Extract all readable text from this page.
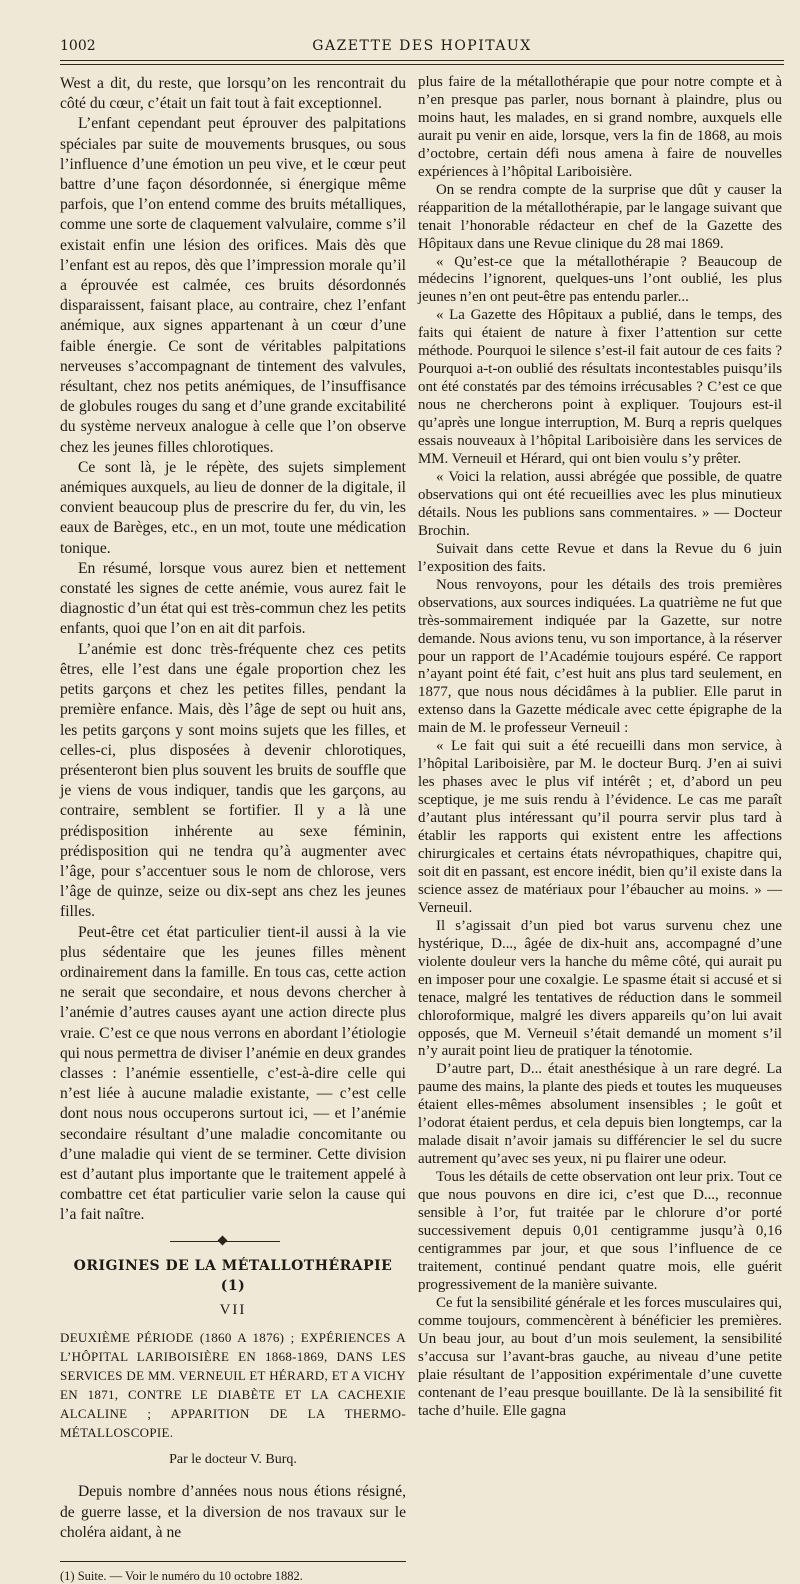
1002	GAZETTE DES HOPITAUX

West a dit, du reste, que lorsqu’on les rencontrait du côté du cœur, c’était un fait tout à fait exceptionnel.

L’enfant cependant peut éprouver des palpitations spéciales par suite de mouvements brusques, ou sous l’influence d’une émotion un peu vive, et le cœur peut battre d’une façon désordonnée, si énergique même parfois, que l’on entend comme des bruits métalliques, comme une sorte de claquement valvulaire, comme s’il existait enfin une lésion des orifices. Mais dès que l’enfant est au repos, dès que l’impression morale qu’il a éprouvée est calmée, ces bruits désordonnés disparaissent, faisant place, au contraire, chez l’enfant anémique, aux signes appartenant à un cœur d’une faible énergie. Ce sont de véritables palpitations nerveuses s’accompagnant de tintement des valvules, résultant, chez nos petits anémiques, de l’insuffisance de globules rouges du sang et d’une grande excitabilité du système nerveux analogue à celle que l’on observe chez les jeunes filles chlorotiques.

Ce sont là, je le répète, des sujets simplement anémiques auxquels, au lieu de donner de la digitale, il convient beaucoup plus de prescrire du fer, du vin, les eaux de Barèges, etc., en un mot, toute une médication tonique.

En résumé, lorsque vous aurez bien et nettement constaté les signes de cette anémie, vous aurez fait le diagnostic d’un état qui est très-commun chez les petits enfants, quoi que l’on en ait dit parfois.

L’anémie est donc très-fréquente chez ces petits êtres, elle l’est dans une égale proportion chez les petits garçons et chez les petites filles, pendant la première enfance. Mais, dès l’âge de sept ou huit ans, les petits garçons y sont moins sujets que les filles, et celles-ci, plus disposées à devenir chlorotiques, présenteront bien plus souvent les bruits de souffle que je viens de vous indiquer, tandis que les garçons, au contraire, semblent se fortifier. Il y a là une prédisposition inhérente au sexe féminin, prédisposition qui ne tendra qu’à augmenter avec l’âge, pour s’accentuer sous le nom de chlorose, vers l’âge de quinze, seize ou dix-sept ans chez les jeunes filles.

Peut-être cet état particulier tient-il aussi à la vie plus sédentaire que les jeunes filles mènent ordinairement dans la famille. En tous cas, cette action ne serait que secondaire, et nous devons chercher à l’anémie d’autres causes ayant une action directe plus vraie. C’est ce que nous verrons en abordant l’étiologie qui nous permettra de diviser l’anémie en deux grandes classes : l’anémie essentielle, c’est-à-dire celle qui n’est liée à aucune maladie existante, — c’est celle dont nous nous occuperons surtout ici, — et l’anémie secondaire résultant d’une maladie concomitante ou d’une maladie qui vient de se terminer. Cette division est d’autant plus importante que le traitement appelé à combattre cet état particulier varie selon la cause qui l’a fait naître.

ORIGINES DE LA MÉTALLOTHÉRAPIE (1)
VII

DEUXIÈME PÉRIODE (1860 A 1876) ; EXPÉRIENCES A L’HÔPITAL LARIBOISIÈRE EN 1868-1869, DANS LES SERVICES DE MM. VERNEUIL ET HÉRARD, ET A VICHY EN 1871, CONTRE LE DIABÈTE ET LA CACHEXIE ALCALINE ; APPARITION DE LA THERMO-MÉTALLOSCOPIE.

Par le docteur V. Burq.

Depuis nombre d’années nous nous étions résigné, de guerre lasse, et la diversion de nos travaux sur le choléra aidant, à ne

(1) Suite. — Voir le numéro du 10 octobre 1882.

plus faire de la métallothérapie que pour notre compte et à n’en presque pas parler, nous bornant à plaindre, plus ou moins haut, les malades, en si grand nombre, auxquels elle aurait pu venir en aide, lorsque, vers la fin de 1868, au mois d’octobre, certain défi nous amena à faire de nouvelles expériences à l’hôpital Lariboisière.

On se rendra compte de la surprise que dût y causer la réapparition de la métallothérapie, par le langage suivant que tenait l’honorable rédacteur en chef de la Gazette des Hôpitaux dans une Revue clinique du 28 mai 1869.

« Qu’est-ce que la métallothérapie ? Beaucoup de médecins l’ignorent, quelques-uns l’ont oublié, les plus jeunes n’en ont peut-être pas entendu parler...

« La Gazette des Hôpitaux a publié, dans le temps, des faits qui étaient de nature à fixer l’attention sur cette méthode. Pourquoi le silence s’est-il fait autour de ces faits ? Pourquoi a-t-on oublié des résultats incontestables puisqu’ils ont été constatés par des témoins irrécusables ? C’est ce que nous ne chercherons point à expliquer. Toujours est-il qu’après une longue interruption, M. Burq a repris quelques essais nouveaux à l’hôpital Lariboisière dans les services de MM. Verneuil et Hérard, qui ont bien voulu s’y prêter.

« Voici la relation, aussi abrégée que possible, de quatre observations qui ont été recueillies avec les plus minutieux détails. Nous les publions sans commentaires. » — Docteur Brochin.

Suivait dans cette Revue et dans la Revue du 6 juin l’exposition des faits.

Nous renvoyons, pour les détails des trois premières observations, aux sources indiquées. La quatrième ne fut que très-sommairement indiquée par la Gazette, sur notre demande. Nous avions tenu, vu son importance, à la réserver pour un rapport de l’Académie toujours espéré. Ce rapport n’ayant point été fait, c’est huit ans plus tard seulement, en 1877, que nous nous décidâmes à la publier. Elle parut in extenso dans la Gazette médicale avec cette épigraphe de la main de M. le professeur Verneuil :

« Le fait qui suit a été recueilli dans mon service, à l’hôpital Lariboisière, par M. le docteur Burq. J’en ai suivi les phases avec le plus vif intérêt ; et, d’abord un peu sceptique, je me suis rendu à l’évidence. Le cas me paraît d’autant plus intéressant qu’il pourra servir plus tard à établir les rapports qui existent entre les affections chirurgicales et certains états névropathiques, chapitre qui, soit dit en passant, est encore inédit, bien qu’il existe dans la science assez de matériaux pour l’ébaucher au moins. » — Verneuil.

Il s’agissait d’un pied bot varus survenu chez une hystérique, D..., âgée de dix-huit ans, accompagné d’une violente douleur vers la hanche du même côté, qui aurait pu en imposer pour une coxalgie. Le spasme était si accusé et si tenace, malgré les tentatives de réduction dans le sommeil chloroformique, malgré les divers appareils qu’on lui avait opposés, que M. Verneuil s’était demandé un moment s’il n’y aurait point lieu de pratiquer la ténotomie.

D’autre part, D... était anesthésique à un rare degré. La paume des mains, la plante des pieds et toutes les muqueuses étaient elles-mêmes absolument insensibles ; le goût et l’odorat étaient perdus, et cela depuis bien longtemps, car la malade disait n’avoir jamais su différencier le sel du sucre autrement qu’avec ses yeux, ni pu flairer une odeur.

Tous les détails de cette observation ont leur prix. Tout ce que nous pouvons en dire ici, c’est que D..., reconnue sensible à l’or, fut traitée par le chlorure d’or porté successivement depuis 0,01 centigramme jusqu’à 0,16 centigrammes par jour, et que sous l’influence de ce traitement, continué pendant quatre mois, elle guérit progressivement de la manière suivante.

Ce fut la sensibilité générale et les forces musculaires qui, comme toujours, commencèrent à bénéficier les premières. Un beau jour, au bout d’un mois seulement, la sensibilité s’accusa sur l’avant-bras gauche, au niveau d’une petite plaie résultant de l’apposition expérimentale d’une cuvette contenant de l’eau presque bouillante. De là la sensibilité fit tache d’huile. Elle gagna
